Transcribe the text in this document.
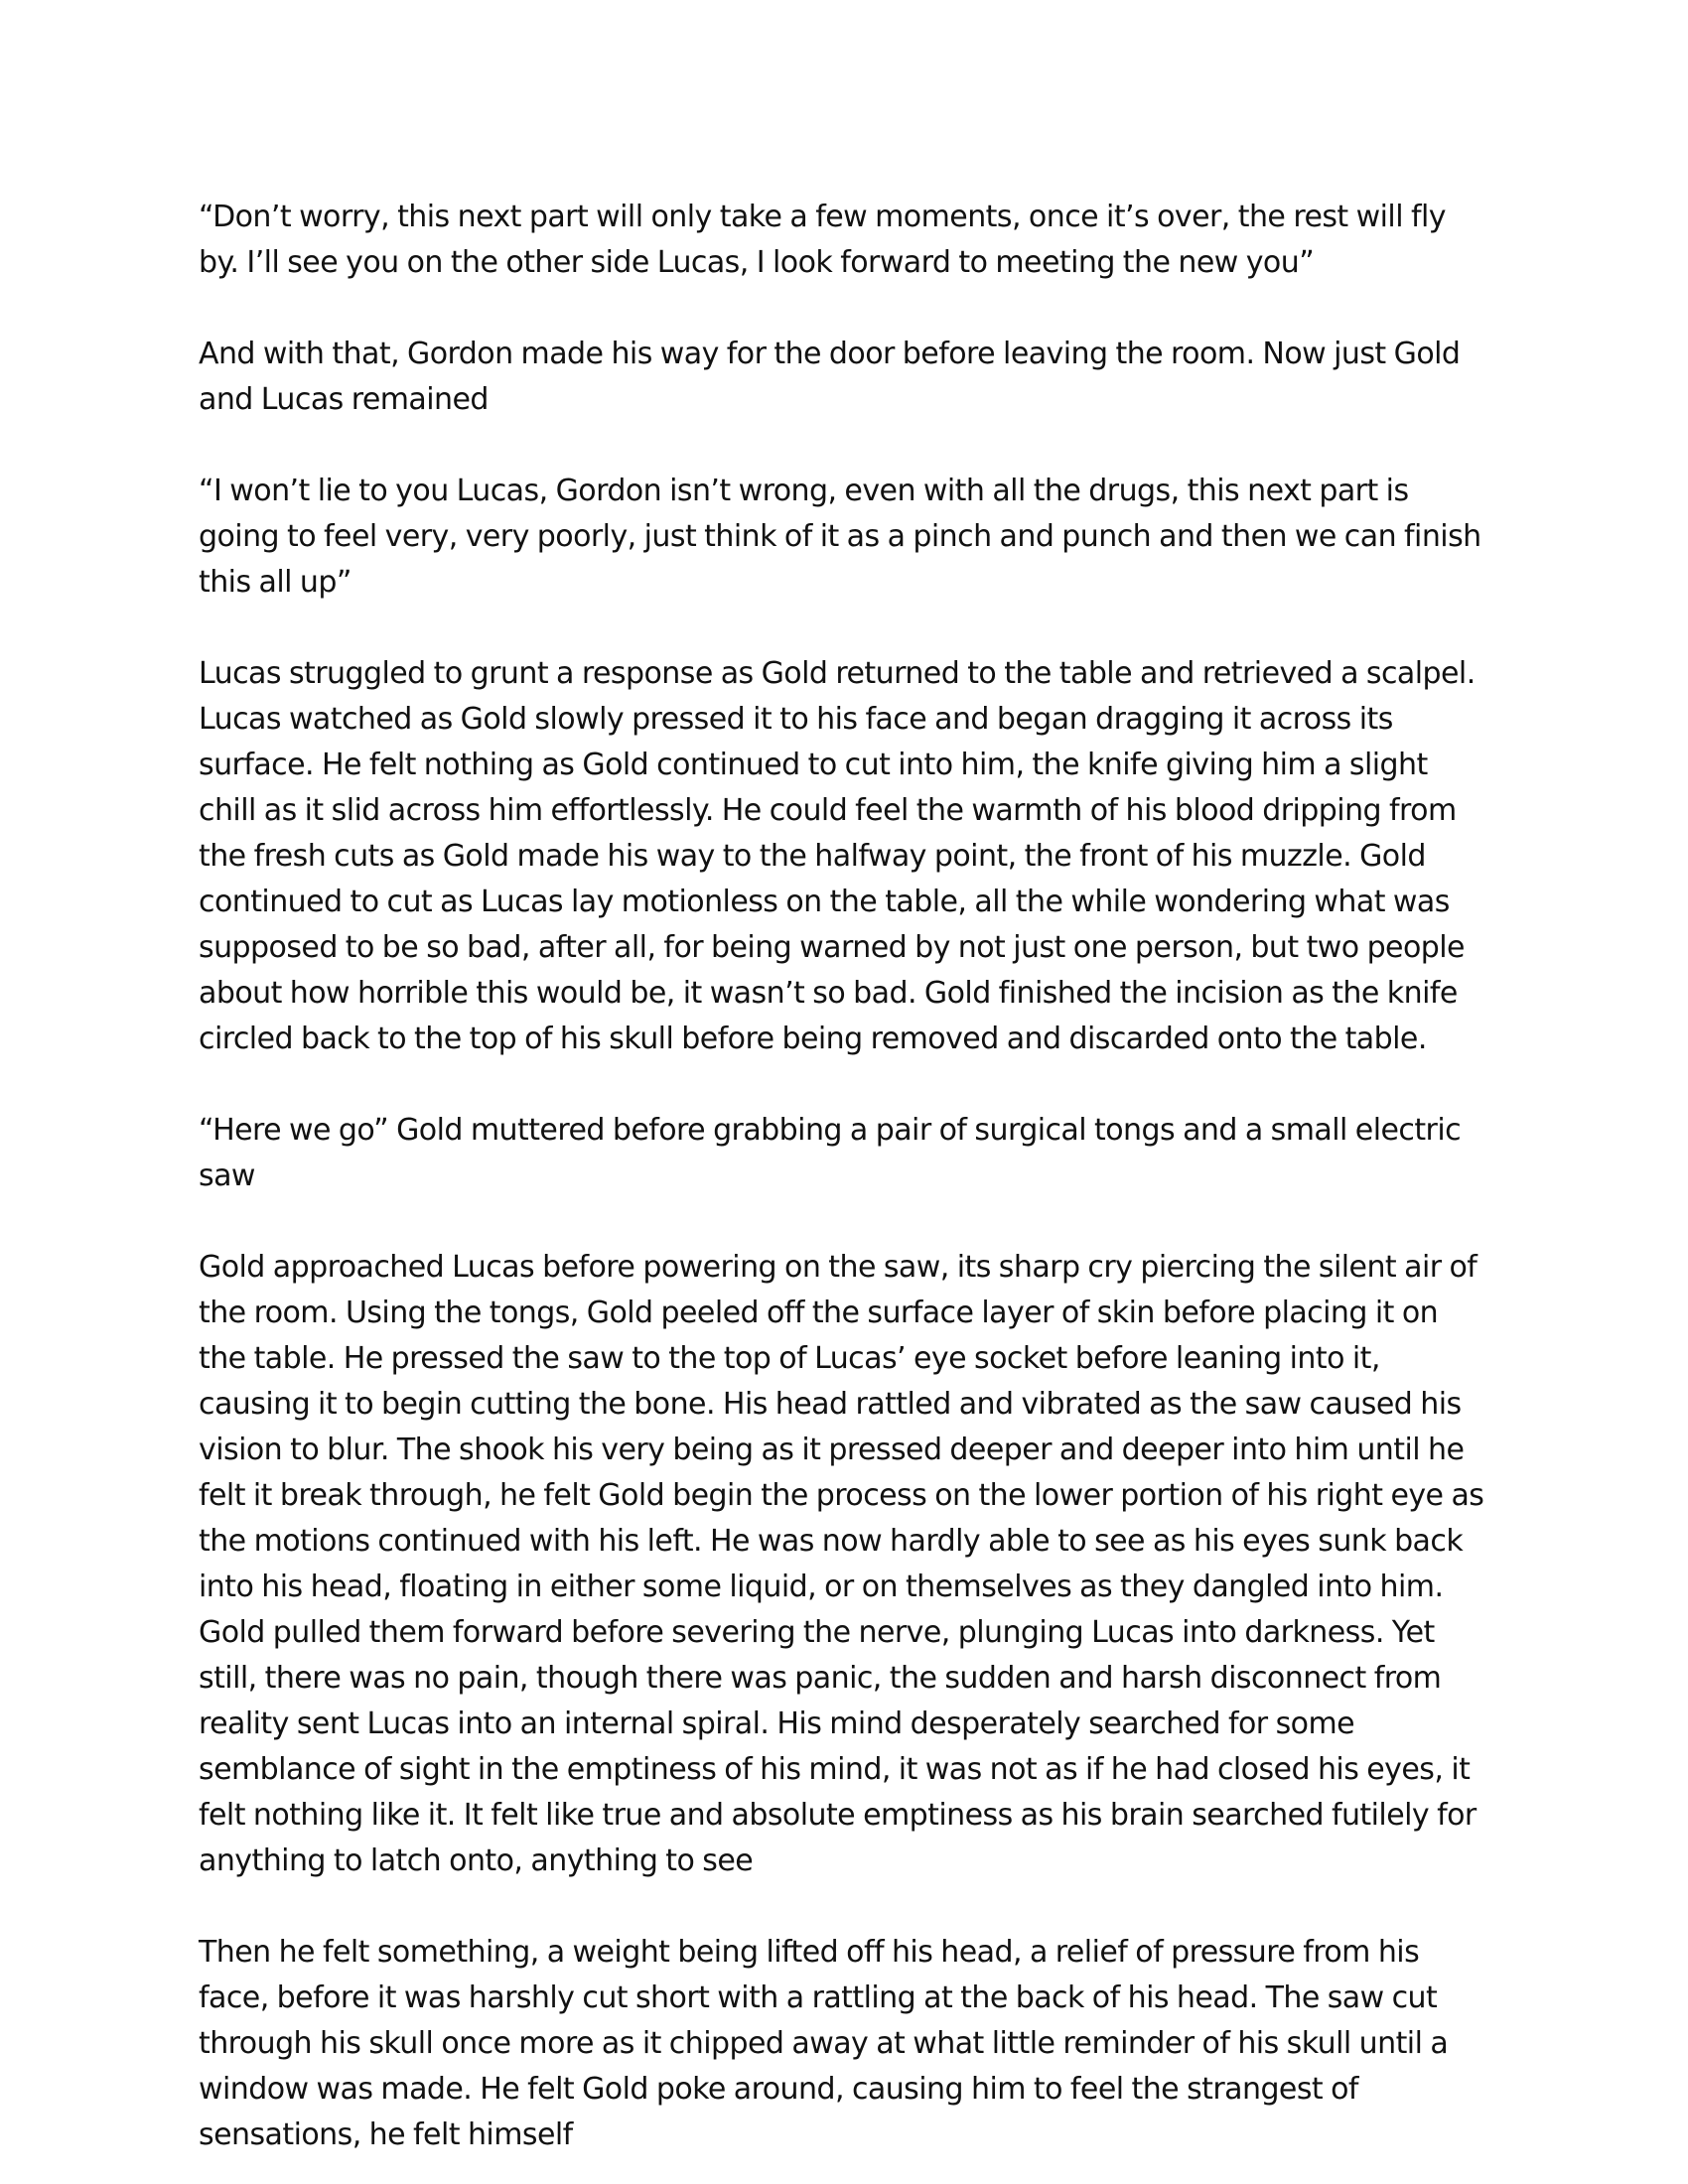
“Don’t worry, this next part will only take a few moments, once it’s over, the rest will fly by. I’ll see you on the other side Lucas, I look forward to meeting the new you”

And with that, Gordon made his way for the door before leaving the room. Now just Gold and Lucas remained

“I won’t lie to you Lucas, Gordon isn’t wrong, even with all the drugs, this next part is going to feel very, very poorly, just think of it as a pinch and punch and then we can finish this all up”

Lucas struggled to grunt a response as Gold returned to the table and retrieved a scalpel. Lucas watched as Gold slowly pressed it to his face and began dragging it across its surface. He felt nothing as Gold continued to cut into him, the knife giving him a slight chill as it slid across him effortlessly. He could feel the warmth of his blood dripping from the fresh cuts as Gold made his way to the halfway point, the front of his muzzle. Gold continued to cut as Lucas lay motionless on the table, all the while wondering what was supposed to be so bad, after all, for being warned by not just one person, but two people about how horrible this would be, it wasn’t so bad. Gold finished the incision as the knife circled back to the top of his skull before being removed and discarded onto the table.

“Here we go” Gold muttered before grabbing a pair of surgical tongs and a small electric saw

Gold approached Lucas before powering on the saw, its sharp cry piercing the silent air of the room. Using the tongs, Gold peeled off the surface layer of skin before placing it on the table. He pressed the saw to the top of Lucas’ eye socket before leaning into it, causing it to begin cutting the bone. His head rattled and vibrated as the saw caused his vision to blur. The shook his very being as it pressed deeper and deeper into him until he felt it break through, he felt Gold begin the process on the lower portion of his right eye as the motions continued with his left. He was now hardly able to see as his eyes sunk back into his head, floating in either some liquid, or on themselves as they dangled into him. Gold pulled them forward before severing the nerve, plunging Lucas into darkness. Yet still, there was no pain, though there was panic, the sudden and harsh disconnect from reality sent Lucas into an internal spiral. His mind desperately searched for some semblance of sight in the emptiness of his mind, it was not as if he had closed his eyes, it felt nothing like it. It felt like true and absolute emptiness as his brain searched futilely for anything to latch onto, anything to see

Then he felt something, a weight being lifted off his head, a relief of pressure from his face, before it was harshly cut short with a rattling at the back of his head. The saw cut through his skull once more as it chipped away at what little reminder of his skull until a window was made. He felt Gold poke around, causing him to feel the strangest of sensations, he felt himself
